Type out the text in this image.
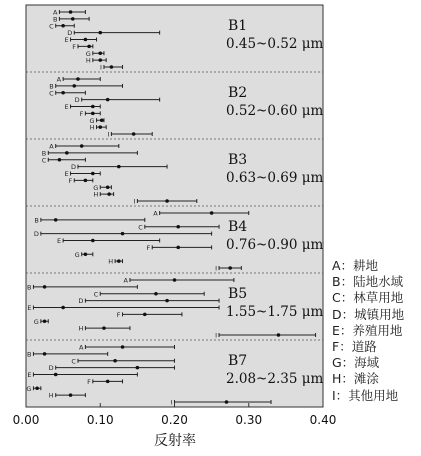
A
B
C
D
E
F
G
H
I
B1
0.45~0.52 μm
A
B
C
D
E
F
G
H
I
B2
0.52~0.60 μm
A
B
C
D
E
F
G
H
I
B3
0.63~0.69 μm
A
B
C
D
E
F
G
H
I
B4
0.76~0.90 μm
A
B
C
D
E
F
G
H
I
B5
1.55~1.75 μm
A
B
C
D
E
F
G
H
I
B7
2.08~2.35 μm
0.00	0.10	0.20	0.30	0.40
反射率
A：耕地
B：陆地水域
C：林草用地
D：城镇用地
E：养殖用地
F：道路
G：海域
H：滩涂
I：其他用地
